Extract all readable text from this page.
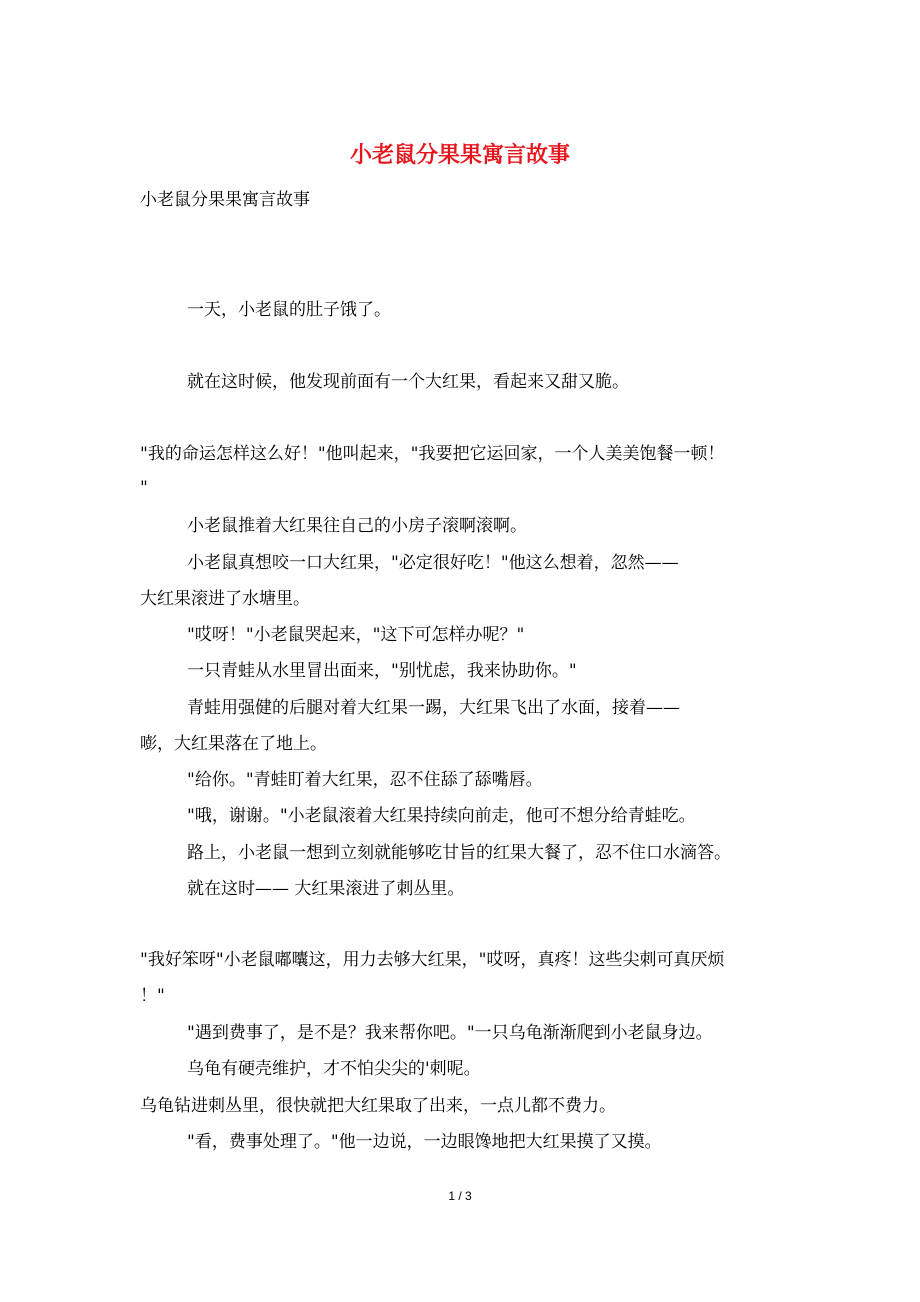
小老鼠分果果寓言故事

小老鼠分果果寓言故事

一天，小老鼠的肚子饿了。

就在这时候，他发现前面有一个大红果，看起来又甜又脆。

"我的命运怎样这么好！"他叫起来，"我要把它运回家，一个人美美饱餐一顿！

"

小老鼠推着大红果往自己的小房子滚啊滚啊。

小老鼠真想咬一口大红果，"必定很好吃！"他这么想着，忽然——

大红果滚进了水塘里。

"哎呀！"小老鼠哭起来，"这下可怎样办呢？"

一只青蛙从水里冒出面来，"别忧虑，我来协助你。"

青蛙用强健的后腿对着大红果一踢，大红果飞出了水面，接着——

嘭，大红果落在了地上。

"给你。"青蛙盯着大红果，忍不住舔了舔嘴唇。

"哦，谢谢。"小老鼠滚着大红果持续向前走，他可不想分给青蛙吃。

路上，小老鼠一想到立刻就能够吃甘旨的红果大餐了，忍不住口水滴答。

就在这时—— 大红果滚进了刺丛里。

"我好笨呀"小老鼠嘟囔这，用力去够大红果，"哎呀，真疼！这些尖刺可真厌烦

！"

"遇到费事了，是不是？我来帮你吧。"一只乌龟渐渐爬到小老鼠身边。

乌龟有硬壳维护，才不怕尖尖的'刺呢。

乌龟钻进刺丛里，很快就把大红果取了出来，一点儿都不费力。

"看，费事处理了。"他一边说，一边眼馋地把大红果摸了又摸。

1 / 3
